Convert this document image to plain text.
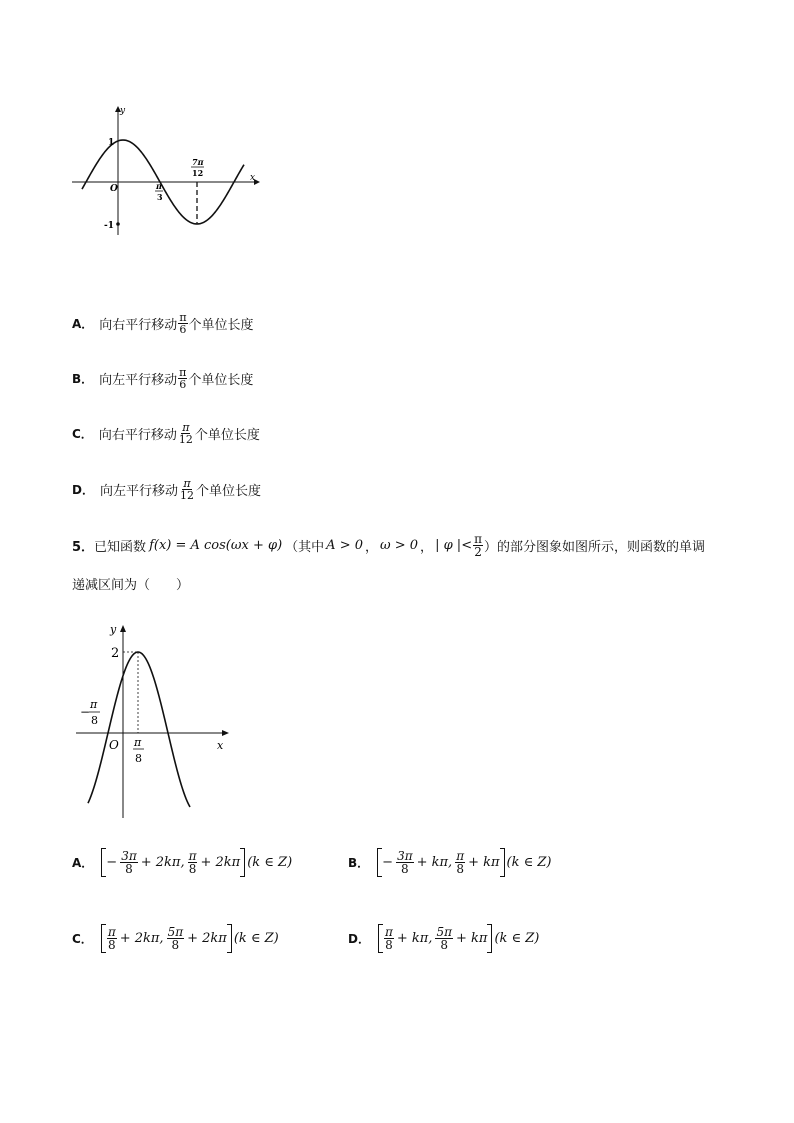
y
x
O
1
-1
π
3
7π
12
A． 向右平行移动 $\frac{\pi}{6}$ 个单位长度
B． 向左平行移动 $\frac{\pi}{6}$ 个单位长度
C． 向右平行移动 $\frac{\pi}{12}$ 个单位长度
D． 向左平行移动 $\frac{\pi}{12}$ 个单位长度
5． 已知函数 f(x) = A cos(ωx + φ) （其中 A > 0 ， ω > 0 ， | φ |< $\frac{\pi}{2}$ ）的部分图象如图所示，则函数的单调
递减区间为（　　）
y
x
O
2
−
π
8
π
8
A． − $\frac{3\pi}{8} + 2k\pi$, $\frac{\pi}{8} + 2k\pi$ (k ∈ Z)	B． − $\frac{3\pi}{8} + k\pi$, $\frac{\pi}{8} + k\pi$ (k ∈ Z)
C． $\frac{\pi}{8} + 2k\pi$, $\frac{5\pi}{8} + 2k\pi$ (k ∈ Z)	D． $\frac{\pi}{8} + k\pi$, $\frac{5\pi}{8} + k\pi$ (k ∈ Z)
